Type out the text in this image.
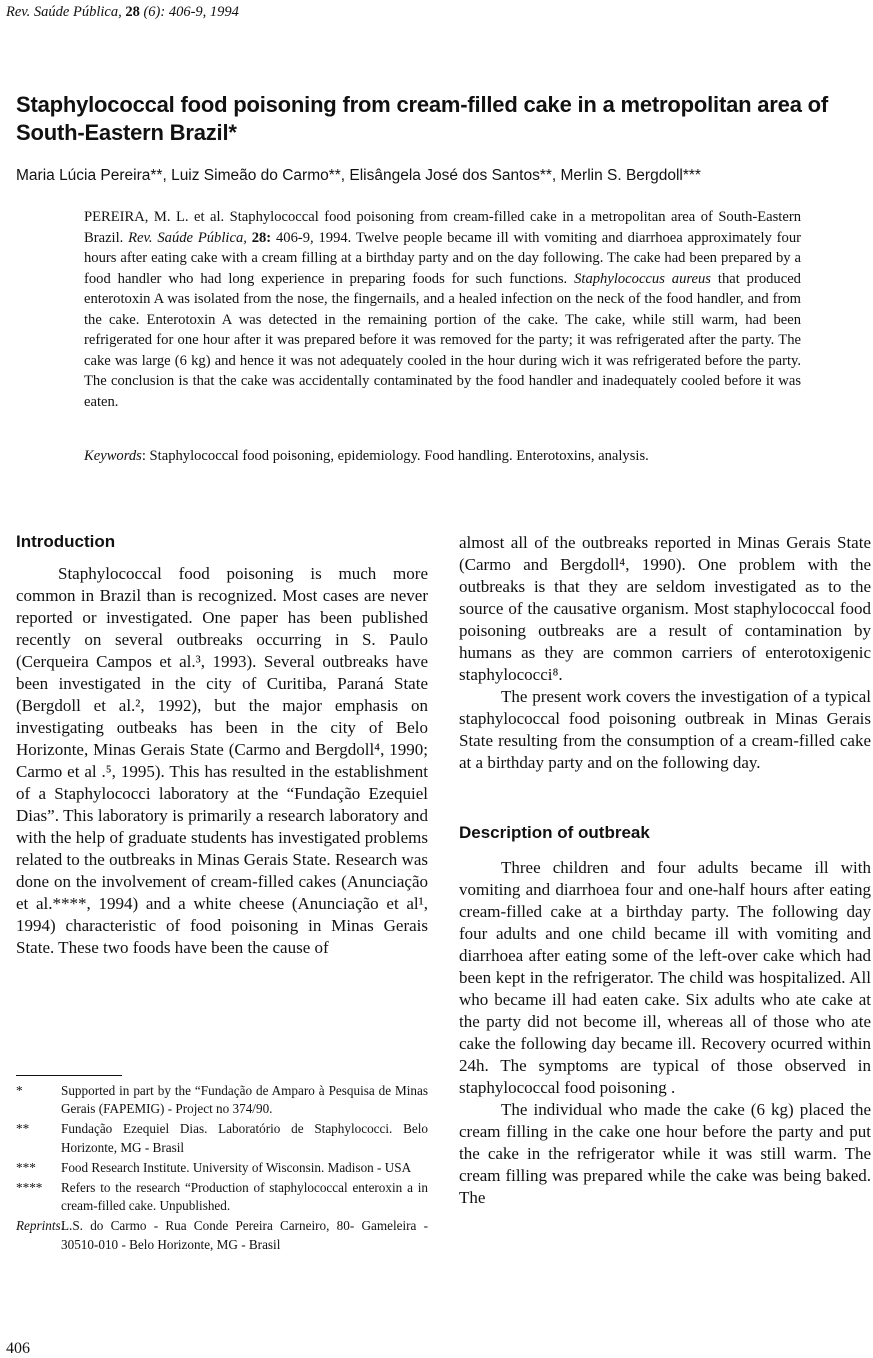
Rev. Saúde Pública, 28 (6): 406-9, 1994
Staphylococcal food poisoning from cream-filled cake in a metropolitan area of South-Eastern Brazil*
Maria Lúcia Pereira**, Luiz Simeão do Carmo**, Elisângela José dos Santos**, Merlin S. Bergdoll***

PEREIRA, M. L. et al. Staphylococcal food poisoning from cream-filled cake in a metropolitan area of South-Eastern Brazil. Rev. Saúde Pública, 28: 406-9, 1994. Twelve people became ill with vomiting and diarrhoea approximately four hours after eating cake with a cream filling at a birthday party and on the day following. The cake had been prepared by a food handler who had long experience in preparing foods for such functions. Staphylococcus aureus that produced enterotoxin A was isolated from the nose, the fingernails, and a healed infection on the neck of the food handler, and from the cake. Enterotoxin A was detected in the remaining portion of the cake. The cake, while still warm, had been refrigerated for one hour after it was prepared before it was removed for the party; it was refrigerated after the party. The cake was large (6 kg) and hence it was not adequately cooled in the hour during wich it was refrigerated before the party. The conclusion is that the cake was accidentally contaminated by the food handler and inadequately cooled before it was eaten.

Keywords: Staphylococcal food poisoning, epidemiology. Food handling. Enterotoxins, analysis.

Introduction

Staphylococcal food poisoning is much more common in Brazil than is recognized. Most cases are never reported or investigated. One paper has been published recently on several outbreaks occurring in S. Paulo (Cerqueira Campos et al.³, 1993). Several outbreaks have been investigated in the city of Curitiba, Paraná State (Bergdoll et al.², 1992), but the major emphasis on investigating outbeaks has been in the city of Belo Horizonte, Minas Gerais State (Carmo and Bergdoll⁴, 1990; Carmo et al .⁵, 1995). This has resulted in the establishment of a Staphylococci laboratory at the “Fundação Ezequiel Dias”. This laboratory is primarily a research laboratory and with the help of graduate students has investigated problems related to the outbreaks in Minas Gerais State. Research was done on the involvement of cream-filled cakes (Anunciação et al.****, 1994) and a white cheese (Anunciação et al¹, 1994) characteristic of food poisoning in Minas Gerais State. These two foods have been the cause of

almost all of the outbreaks reported in Minas Gerais State (Carmo and Bergdoll⁴, 1990). One problem with the outbreaks is that they are seldom investigated as to the source of the causative organism. Most staphylococcal food poisoning outbreaks are a result of contamination by humans as they are common carriers of enterotoxigenic staphylococci⁸.

The present work covers the investigation of a typical staphylococcal food poisoning outbreak in Minas Gerais State resulting from the consumption of a cream-filled cake at a birthday party and on the following day.

Description of outbreak

Three children and four adults became ill with vomiting and diarrhoea four and one-half hours after eating cream-filled cake at a birthday party. The following day four adults and one child became ill with vomiting and diarrhoea after eating some of the left-over cake which had been kept in the refrigerator. The child was hospitalized. All who became ill had eaten cake. Six adults who ate cake at the party did not become ill, whereas all of those who ate cake the following day became ill. Recovery ocurred within 24h. The symptoms are typical of those observed in staphylococcal food poisoning .

The individual who made the cake (6 kg) placed the cream filling in the cake one hour before the party and put the cake in the refrigerator while it was still warm. The cream filling was prepared while the cake was being baked. The

*	Supported in part by the “Fundação de Amparo à Pesquisa de Minas Gerais (FAPEMIG) - Project no 374/90.
**	Fundação Ezequiel Dias. Laboratório de Staphylococci. Belo Horizonte, MG - Brasil
***	Food Research Institute. University of Wisconsin. Madison - USA
****	Refers to the research “Production of staphylococcal enteroxin a in cream-filled cake. Unpublished.
Reprints:
L.S. do Carmo - Rua Conde Pereira Carneiro, 80- Gameleira - 30510-010 - Belo Horizonte, MG - Brasil
406
